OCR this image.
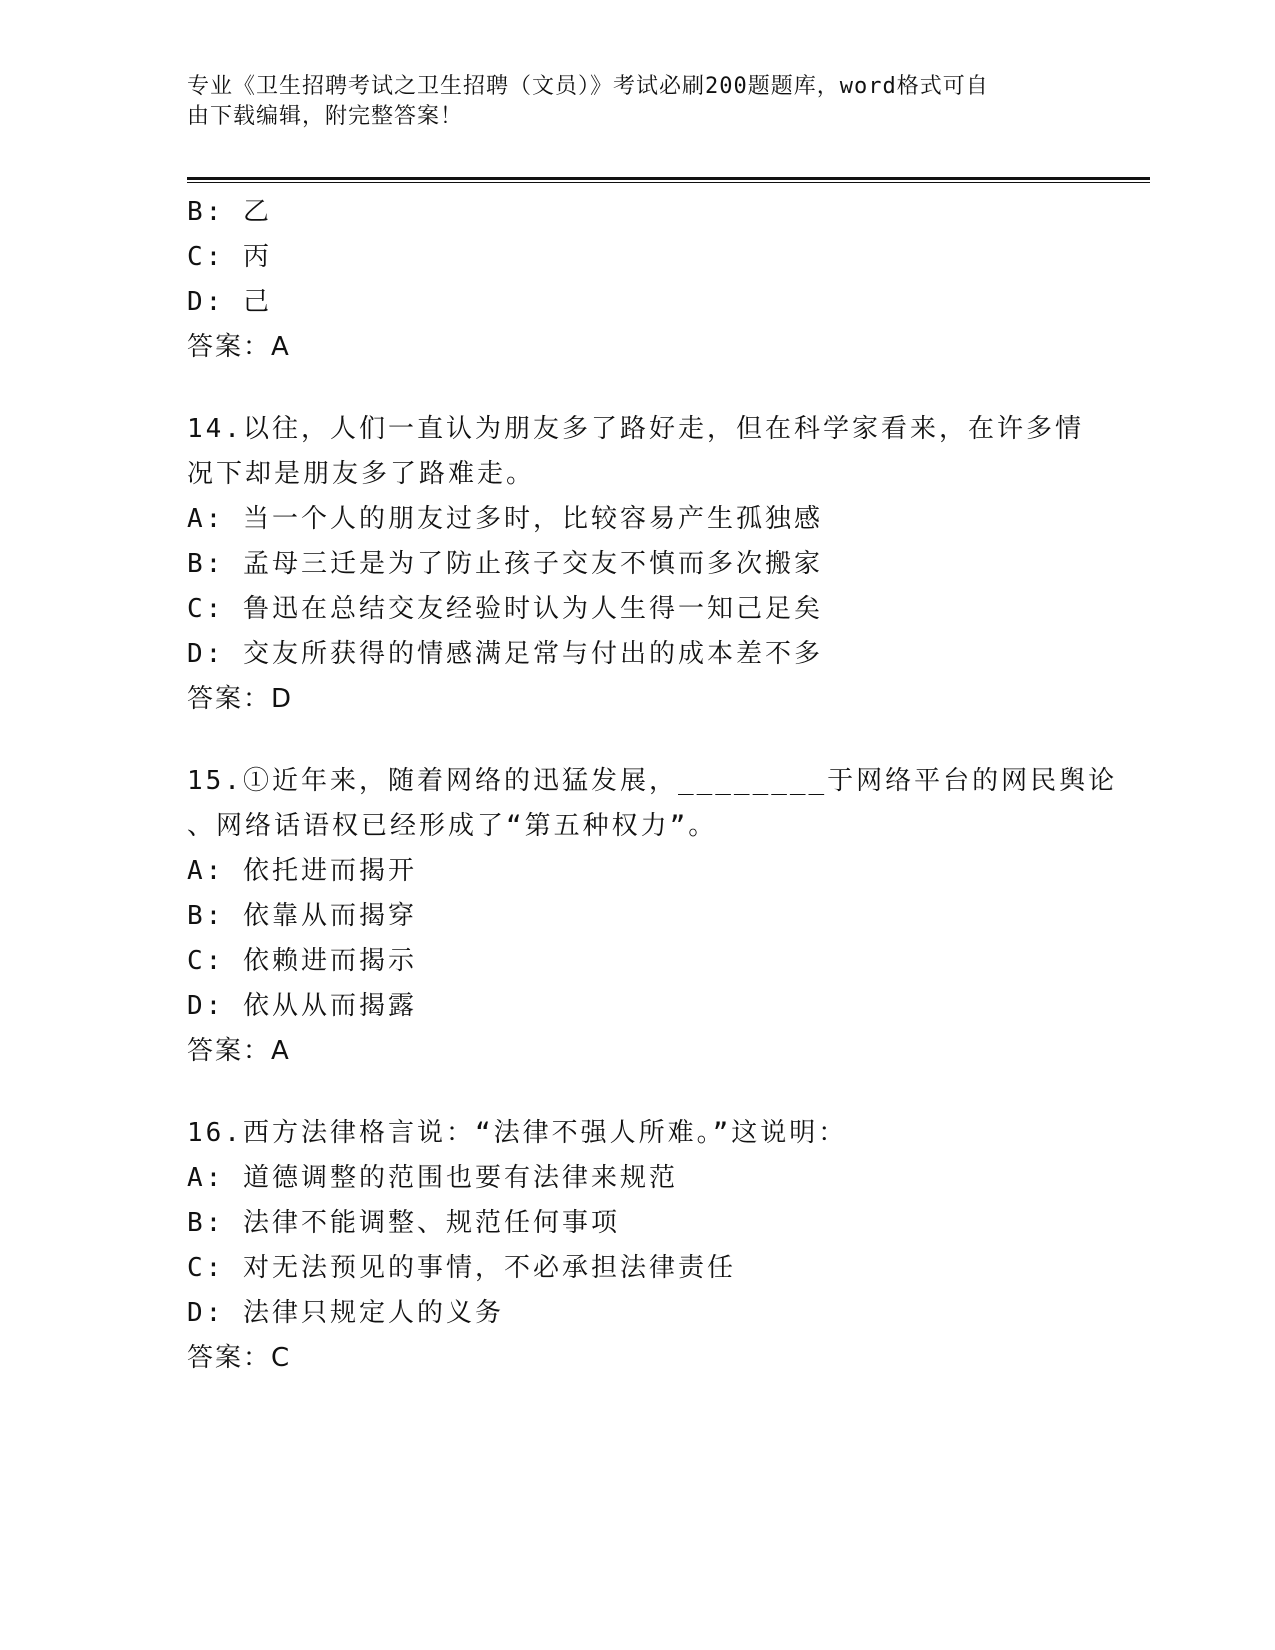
专业《卫生招聘考试之卫生招聘（文员）》考试必刷200题题库，word格式可自
由下载编辑，附完整答案！
B: 乙
C: 丙
D: 己
答案：A
14.以往，人们一直认为朋友多了路好走，但在科学家看来，在许多情
况下却是朋友多了路难走。
A: 当一个人的朋友过多时，比较容易产生孤独感
B: 孟母三迁是为了防止孩子交友不慎而多次搬家
C: 鲁迅在总结交友经验时认为人生得一知己足矣
D: 交友所获得的情感满足常与付出的成本差不多
答案：D
15.①近年来，随着网络的迅猛发展，________于网络平台的网民舆论
、网络话语权已经形成了“第五种权力”。
A: 依托进而揭开
B: 依靠从而揭穿
C: 依赖进而揭示
D: 依从从而揭露
答案：A
16.西方法律格言说：“法律不强人所难。”这说明：
A: 道德调整的范围也要有法律来规范
B: 法律不能调整、规范任何事项
C: 对无法预见的事情，不必承担法律责任
D: 法律只规定人的义务
答案：C
